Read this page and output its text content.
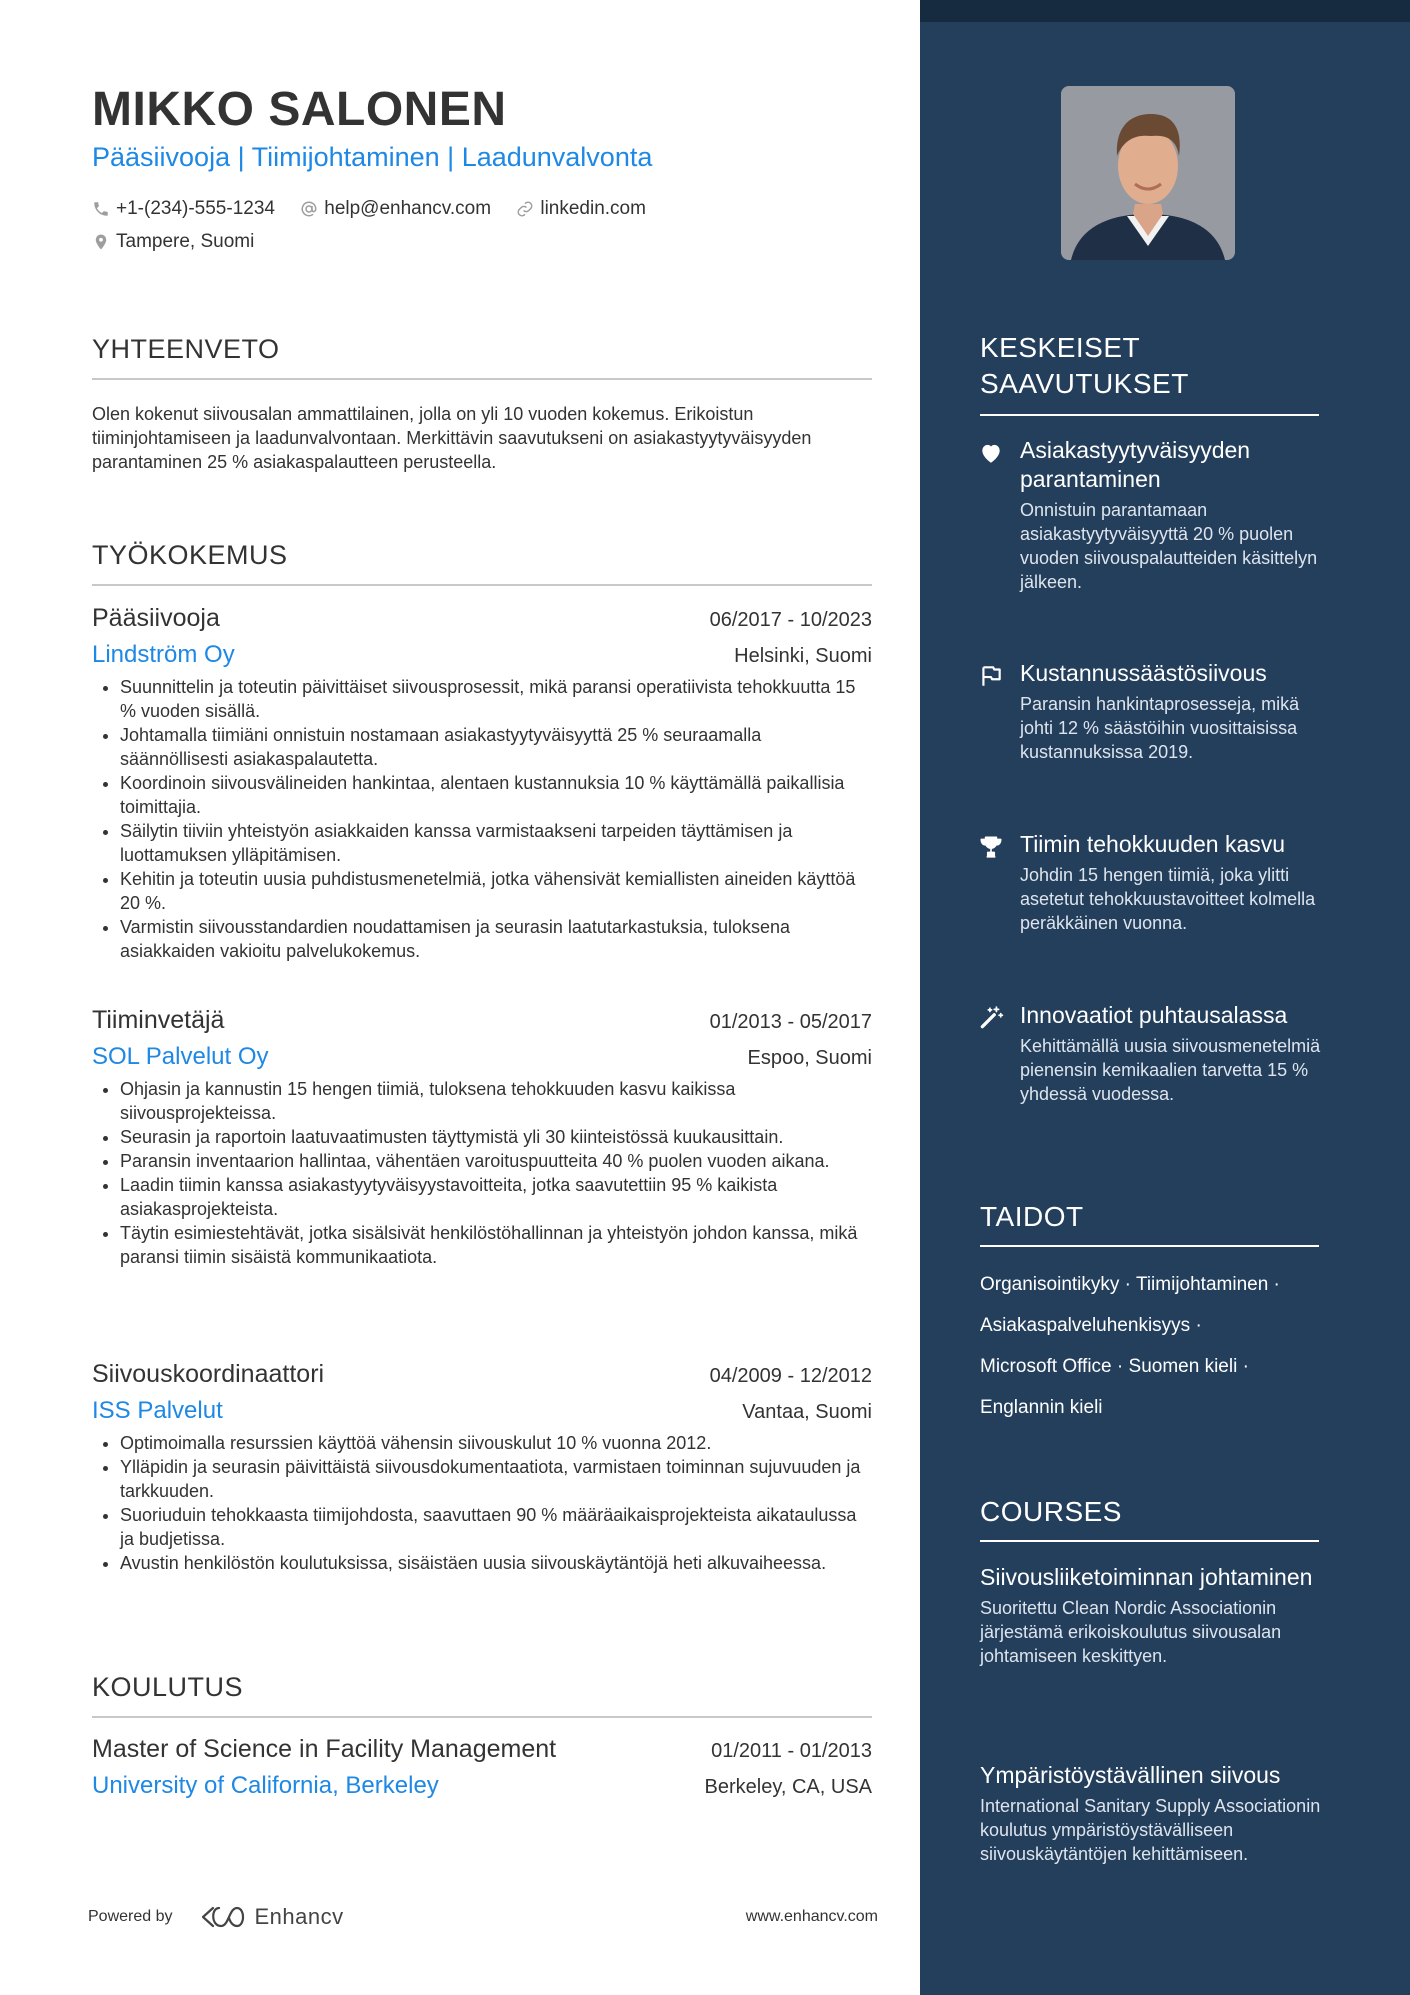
MIKKO SALONEN
Pääsiivooja | Tiimijohtaminen | Laadunvalvonta
+1-(234)-555-1234
	help@enhancv.com
	linkedin.com
Tampere, Suomi
YHTEENVETO
Olen kokenut siivousalan ammattilainen, jolla on yli 10 vuoden kokemus. Erikoistun tiiminjohtamiseen ja laadunvalvontaan. Merkittävin saavutukseni on asiakastyytyväisyyden parantaminen 25 % asiakaspalautteen perusteella.
TYÖKOKEMUS
Pääsiivooja	06/2017 - 10/2023
Lindström Oy	Helsinki, Suomi
• Suunnittelin ja toteutin päivittäiset siivousprosessit, mikä paransi operatiivista tehokkuutta 15 % vuoden sisällä.
• Johtamalla tiimiäni onnistuin nostamaan asiakastyytyväisyyttä 25 % seuraamalla säännöllisesti asiakaspalautetta.
• Koordinoin siivousvälineiden hankintaa, alentaen kustannuksia 10 % käyttämällä paikallisia toimittajia.
• Säilytin tiiviin yhteistyön asiakkaiden kanssa varmistaakseni tarpeiden täyttämisen ja luottamuksen ylläpitämisen.
• Kehitin ja toteutin uusia puhdistusmenetelmiä, jotka vähensivät kemiallisten aineiden käyttöä 20 %.
• Varmistin siivousstandardien noudattamisen ja seurasin laatutarkastuksia, tuloksena asiakkaiden vakioitu palvelukokemus.
Tiiminvetäjä	01/2013 - 05/2017
SOL Palvelut Oy	Espoo, Suomi
• Ohjasin ja kannustin 15 hengen tiimiä, tuloksena tehokkuuden kasvu kaikissa siivousprojekteissa.
• Seurasin ja raportoin laatuvaatimusten täyttymistä yli 30 kiinteistössä kuukausittain.
• Paransin inventaarion hallintaa, vähentäen varoituspuutteita 40 % puolen vuoden aikana.
• Laadin tiimin kanssa asiakastyytyväisyystavoitteita, jotka saavutettiin 95 % kaikista asiakasprojekteista.
• Täytin esimiestehtävät, jotka sisälsivät henkilöstöhallinnan ja yhteistyön johdon kanssa, mikä paransi tiimin sisäistä kommunikaatiota.
Siivouskoordinaattori	04/2009 - 12/2012
ISS Palvelut	Vantaa, Suomi
• Optimoimalla resurssien käyttöä vähensin siivouskulut 10 % vuonna 2012.
• Ylläpidin ja seurasin päivittäistä siivousdokumentaatiota, varmistaen toiminnan sujuvuuden ja tarkkuuden.
• Suoriuduin tehokkaasta tiimijohdosta, saavuttaen 90 % määräaikaisprojekteista aikataulussa ja budjetissa.
• Avustin henkilöstön koulutuksissa, sisäistäen uusia siivouskäytäntöjä heti alkuvaiheessa.
KOULUTUS
Master of Science in Facility Management	01/2011 - 01/2013
University of California, Berkeley	Berkeley, CA, USA
Powered by	Enhancv	www.enhancv.com
KESKEISET SAAVUTUKSET
Asiakastyytyväisyyden parantaminen
Onnistuin parantamaan asiakastyytyväisyyttä 20 % puolen vuoden siivouspalautteiden käsittelyn jälkeen.
Kustannussäästösiivous
Paransin hankintaprosesseja, mikä johti 12 % säästöihin vuosittaisissa kustannuksissa 2019.
Tiimin tehokkuuden kasvu
Johdin 15 hengen tiimiä, joka ylitti asetetut tehokkuustavoitteet kolmella peräkkäinen vuonna.
Innovaatiot puhtausalassa
Kehittämällä uusia siivousmenetelmiä pienensin kemikaalien tarvetta 15 % yhdessä vuodessa.
TAIDOT
Organisointikyky · Tiimijohtaminen ·
Asiakaspalveluhenkisyys ·
Microsoft Office · Suomen kieli ·
Englannin kieli
COURSES
Siivousliiketoiminnan johtaminen
Suoritettu Clean Nordic Associationin järjestämä erikoiskoulutus siivousalan johtamiseen keskittyen.
Ympäristöystävällinen siivous
International Sanitary Supply Associationin koulutus ympäristöystävälliseen siivouskäytäntöjen kehittämiseen.
